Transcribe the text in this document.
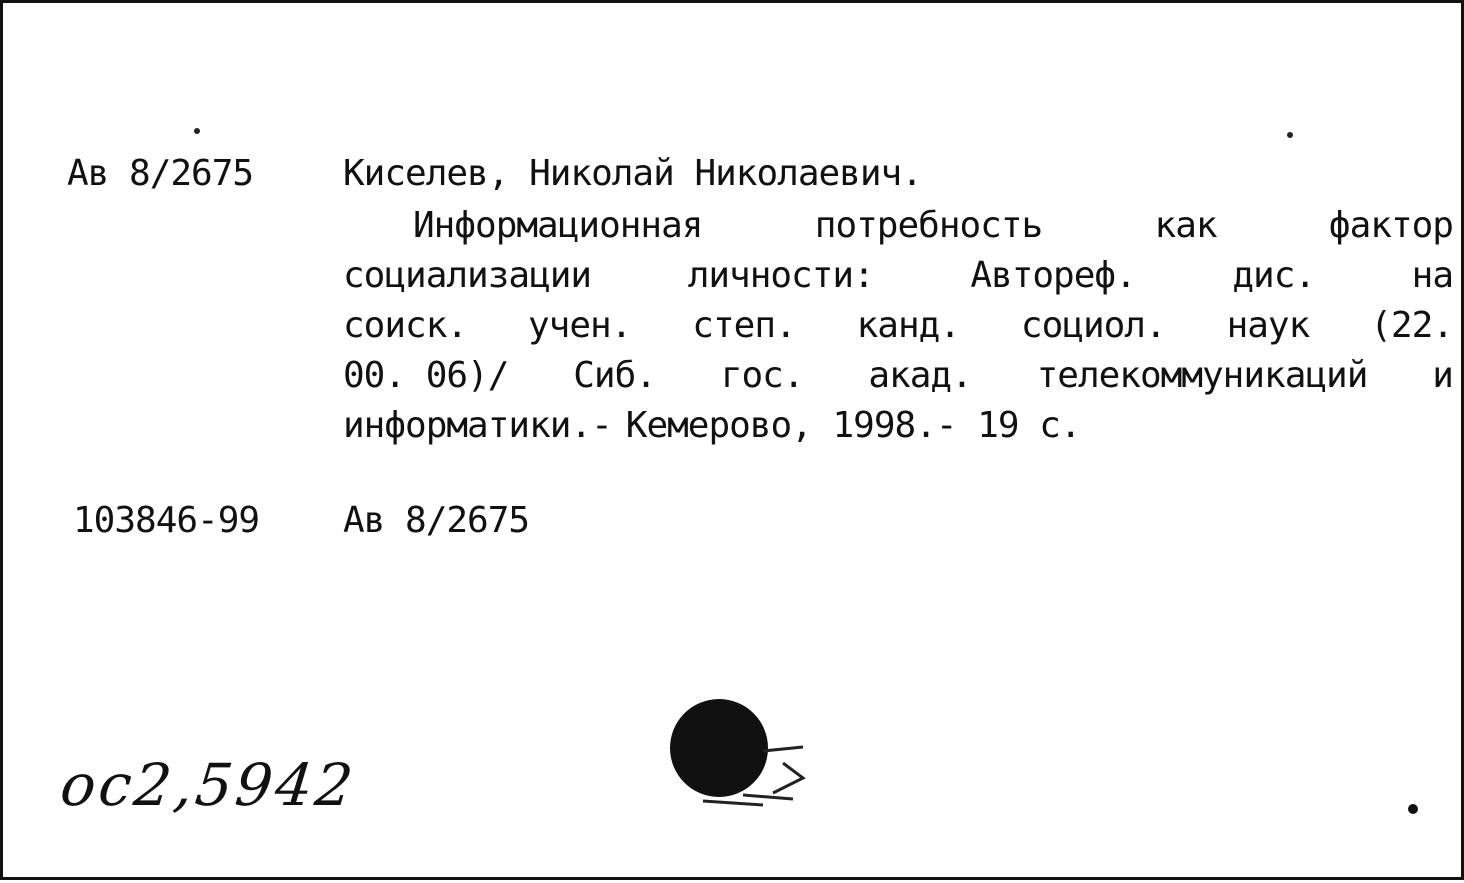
Ав 8/2675 Киселев, Николай Николаевич.
Информационная	потребность	как	фактор
социализации	личности:	Автореф.	дис.	на
соиск. учен. степ. канд. социол. наук (22.
00. 06)/ Сиб. гос. акад. телекоммуникаций и
информатики.- Кемерово, 1998.- 19 с.
103846-99 Ав 8/2675
ос2,5942
